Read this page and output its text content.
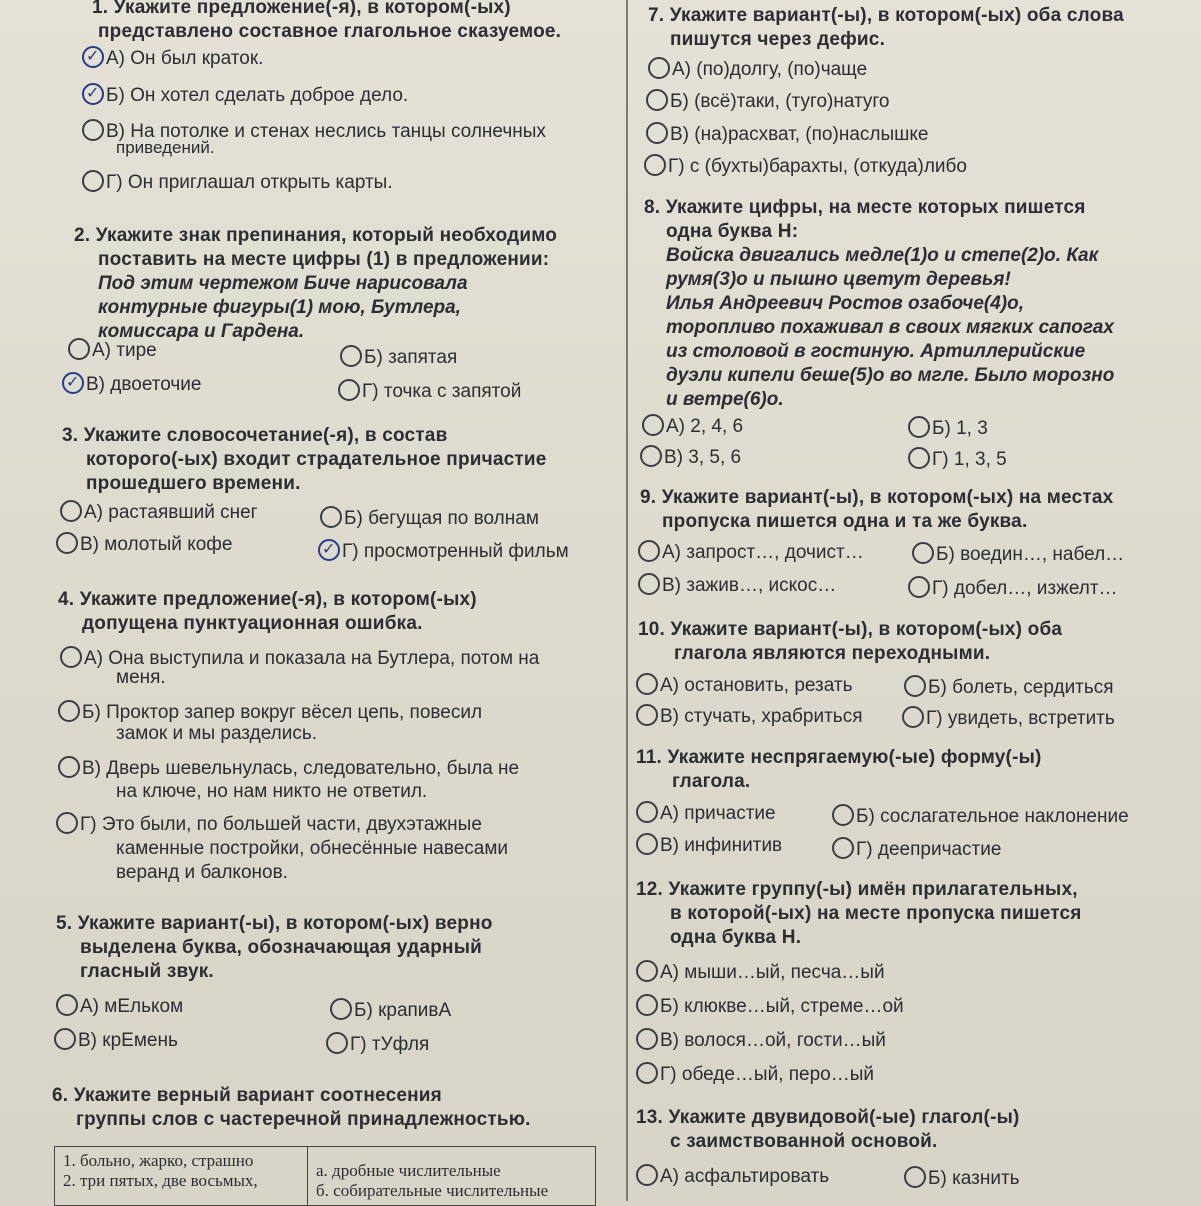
1. Укажите предложение(-я), в котором(-ых)
представлено составное глагольное сказуемое.
✓А) Он был краток.
✓Б) Он хотел сделать доброе дело.
В) На потолке и стенах неслись танцы солнечных
приведений.
Г) Он приглашал открыть карты.
2. Укажите знак препинания, который необходимо
поставить на месте цифры (1) в предложении:
Под этим чертежом Биче нарисовала
контурные фигуры(1) мою, Бутлера,
комиссара и Гардена.
А) тире	Б) запятая
✓В) двоеточие	Г) точка с запятой
3. Укажите словосочетание(-я), в состав
которого(-ых) входит страдательное причастие
прошедшего времени.
А) растаявший снег	Б) бегущая по волнам
В) молотый кофе
✓	Г) просмотренный фильм
4. Укажите предложение(-я), в котором(-ых)
допущена пунктуационная ошибка.
А) Она выступила и показала на Бутлера, потом на
меня.
Б) Проктор запер вокруг вёсел цепь, повесил
замок и мы разделись.
В) Дверь шевельнулась, следовательно, была не
на ключе, но нам никто не ответил.
Г) Это были, по большей части, двухэтажные
каменные постройки, обнесённые навесами
веранд и балконов.
5. Укажите вариант(-ы), в котором(-ых) верно
выделена буква, обозначающая ударный
гласный звук.
А) мЕльком	Б) крапивА
В) крЕмень	Г) тУфля
6. Укажите верный вариант соотнесения
группы слов с частеречной принадлежностью.
1. больно, жарко, страшно
2. три пятых, две восьмых,

а. дробные числительные
б. собирательные числительные
7. Укажите вариант(-ы), в котором(-ых) оба слова
пишутся через дефис.
А) (по)долгу, (по)чаще
Б) (всё)таки, (туго)натуго
В) (на)расхват, (по)наслышке
Г) с (бухты)барахты, (откуда)либо
8. Укажите цифры, на месте которых пишется
одна буква Н:
Войска двигались медле(1)о и степе(2)о. Как
румя(3)о и пышно цветут деревья!
Илья Андреевич Ростов озабоче(4)о,
торопливо похаживал в своих мягких сапогах
из столовой в гостиную. Артиллерийские
дуэли кипели беше(5)о во мгле. Было морозно
и ветре(6)о.
А) 2, 4, 6	Б) 1, 3
В) 3, 5, 6	Г) 1, 3, 5
9. Укажите вариант(-ы), в котором(-ых) на местах
пропуска пишется одна и та же буква.
А) запрост…, дочист…	Б) воедин…, набел…
В) зажив…, искос…	Г) добел…, изжелт…
10. Укажите вариант(-ы), в котором(-ых) оба
глагола являются переходными.
А) остановить, резать	Б) болеть, сердиться
В) стучать, храбриться	Г) увидеть, встретить
11. Укажите неспрягаемую(-ые) форму(-ы)
глагола.
А) причастие	Б) сослагательное наклонение
В) инфинитив	Г) деепричастие
12. Укажите группу(-ы) имён прилагательных,
в которой(-ых) на месте пропуска пишется
одна буква Н.
А) мыши…ый, песча…ый
Б) клюкве…ый, стреме…ой
В) волося…ой, гости…ый
Г) обеде…ый, перо…ый
13. Укажите двувидовой(-ые) глагол(-ы)
с заимствованной основой.
А) асфальтировать	Б) казнить
